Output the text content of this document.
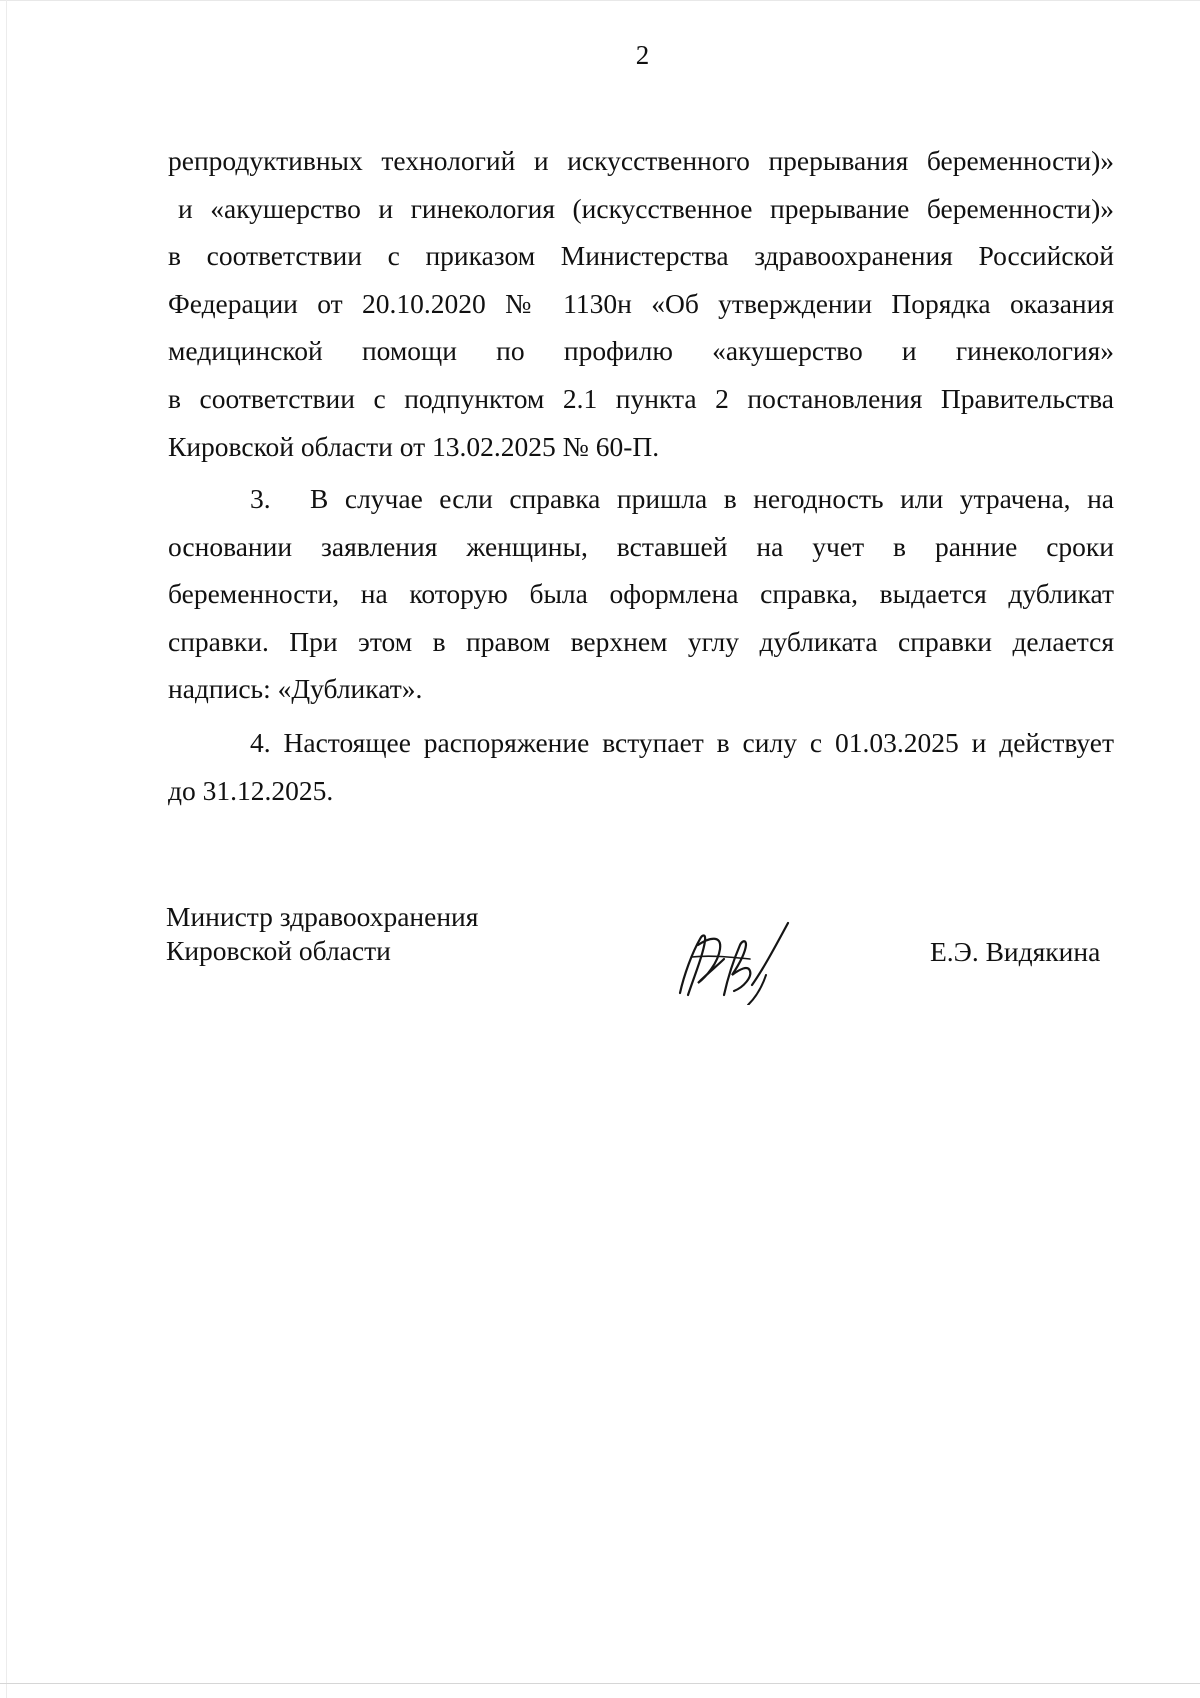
2
репродуктивных технологий и искусственного прерывания беременности)»
и «акушерство и гинекология (искусственное прерывание беременности)»
в соответствии с приказом Министерства здравоохранения Российской
Федерации от 20.10.2020 № 1130н «Об утверждении Порядка оказания
медицинской помощи по профилю «акушерство и гинекология»
в соответствии с подпунктом 2.1 пункта 2 постановления Правительства
Кировской области от 13.02.2025 № 60-П.
3. В случае если справка пришла в негодность или утрачена, на
основании заявления женщины, вставшей на учет в ранние сроки
беременности, на которую была оформлена справка, выдается дубликат
справки. При этом в правом верхнем углу дубликата справки делается
надпись: «Дубликат».
4. Настоящее распоряжение вступает в силу с 01.03.2025 и действует
до 31.12.2025.
Министр здравоохранения
Кировской области	Е.Э. Видякина
